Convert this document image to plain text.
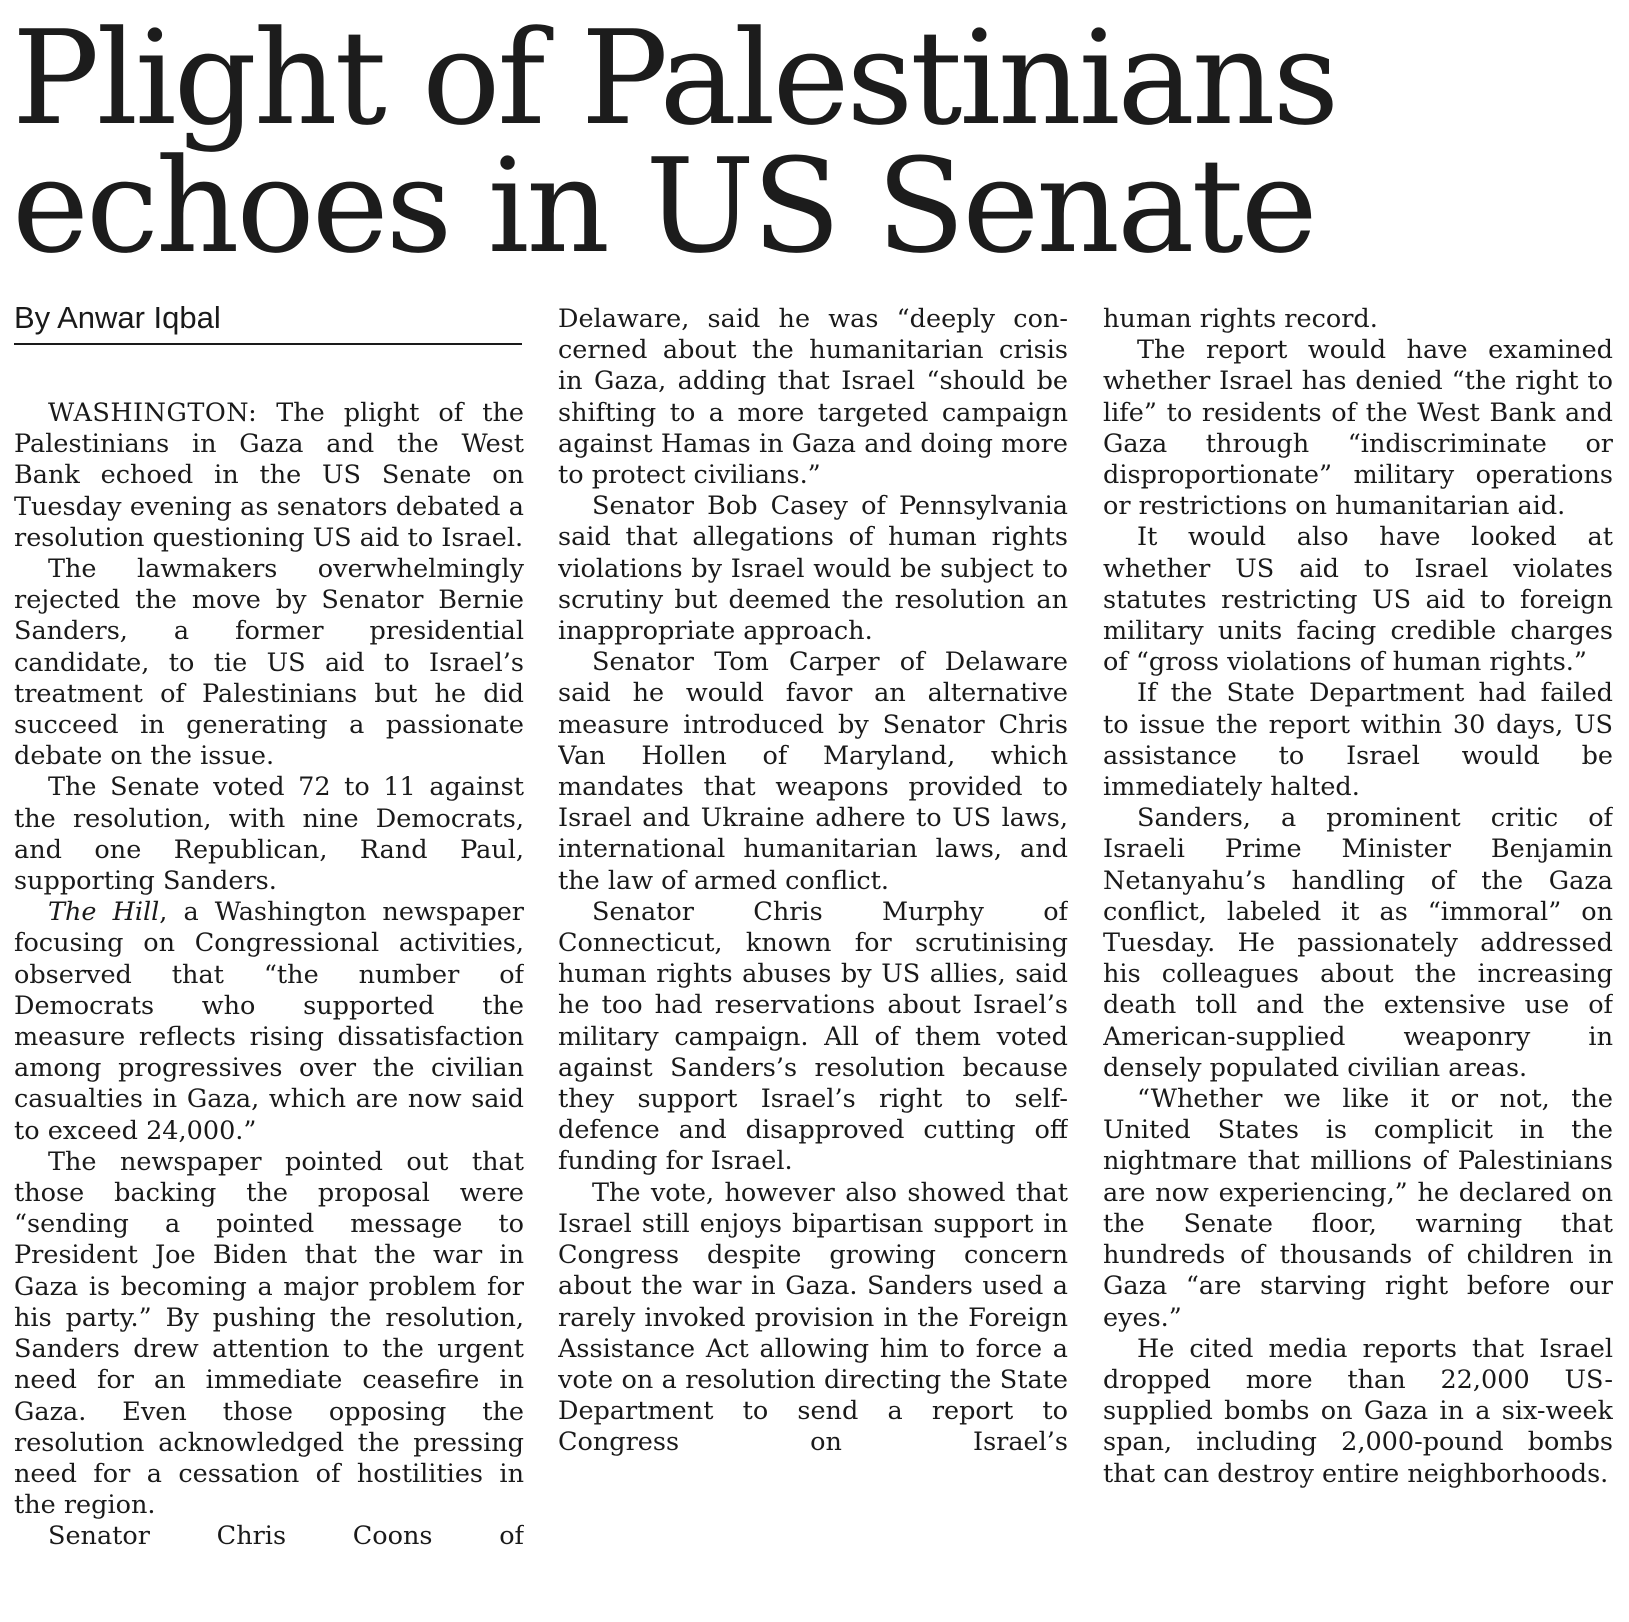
Plight of Palestinians
echoes in US Senate
By Anwar Iqbal

WASHINGTON: The plight of the Palestinians in Gaza and the West Bank echoed in the US Senate on Tuesday evening as senators debated a resolution questioning US aid to Israel.

The lawmakers overwhelmingly rejected the move by Senator Bernie Sanders, a former presidential candidate, to tie US aid to Israel’s treatment of Palestinians but he did succeed in generating a passionate debate on the issue.

The Senate voted 72 to 11 against the resolution, with nine Democrats, and one Republican, Rand Paul, supporting Sanders.

The Hill, a Washington newspaper focusing on Congressional activities, observed that “the number of Democrats who supported the measure reflects rising dissatisfaction among progressives over the civilian casualties in Gaza, which are now said to exceed 24,000.”

The newspaper pointed out that those backing the proposal were “sending a pointed message to President Joe Biden that the war in Gaza is becoming a major problem for his party.” By pushing the resolution, Sanders drew attention to the urgent need for an immediate ceasefire in Gaza. Even those opposing the resolution acknowledged the pressing need for a cessation of hostilities in the region.

Senator Chris Coons of

Delaware, said he was “deeply concerned about the humanitarian crisis in Gaza, adding that Israel “should be shifting to a more targeted campaign against Hamas in Gaza and doing more to protect civilians.”

Senator Bob Casey of Pennsylvania said that allegations of human rights violations by Israel would be subject to scrutiny but deemed the resolution an inappropriate approach.

Senator Tom Carper of Delaware said he would favor an alternative measure introduced by Senator Chris Van Hollen of Maryland, which mandates that weapons provided to Israel and Ukraine adhere to US laws, international humanitarian laws, and the law of armed conflict.

Senator Chris Murphy of Connecticut, known for scrutinising human rights abuses by US allies, said he too had reservations about Israel’s military campaign. All of them voted against Sanders’s resolution because they support Israel’s right to self- defence and disapproved cutting off funding for Israel.

The vote, however also showed that Israel still enjoys bipartisan support in Congress despite growing concern about the war in Gaza. Sanders used a rarely invoked provision in the Foreign Assistance Act allowing him to force a vote on a resolution directing the State Department to send a report to Congress on Israel’s

human rights record.

The report would have examined whether Israel has denied “the right to life” to residents of the West Bank and Gaza through “indiscriminate or disproportionate” military operations or restrictions on humanitarian aid.

It would also have looked at whether US aid to Israel violates statutes restricting US aid to foreign military units facing credible charges of “gross violations of human rights.”

If the State Department had failed to issue the report within 30 days, US assistance to Israel would be immediately halted.

Sanders, a prominent critic of Israeli Prime Minister Benjamin Netanyahu’s handling of the Gaza conflict, labeled it as “immoral” on Tuesday. He passionately addressed his colleagues about the increasing death toll and the extensive use of American-supplied weaponry in densely populated civilian areas.

“Whether we like it or not, the United States is complicit in the nightmare that millions of Palestinians are now experiencing,” he declared on the Senate floor, warning that hundreds of thousands of children in Gaza “are starving right before our eyes.”

He cited media reports that Israel dropped more than 22,000 US-supplied bombs on Gaza in a six-week span, including 2,000-pound bombs that can destroy entire neighborhoods.
